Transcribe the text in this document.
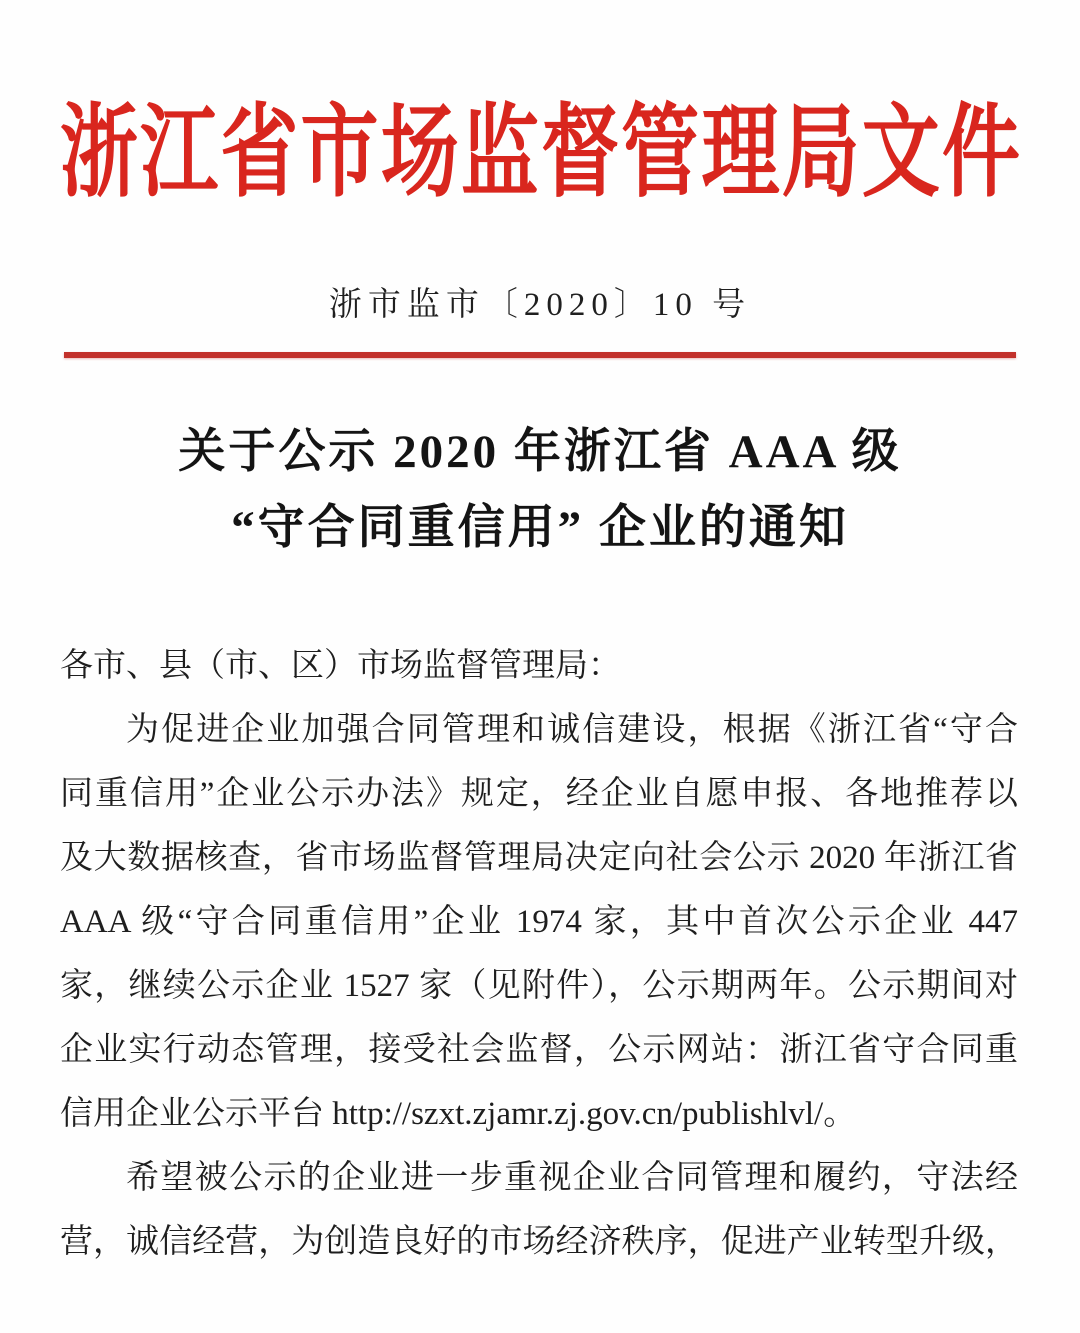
浙江省市场监督管理局文件
浙市监市〔2020〕10 号
关于公示 2020 年浙江省 AAA 级
“守合同重信用” 企业的通知
各市、县（市、区）市场监督管理局：
为促进企业加强合同管理和诚信建设，根据《浙江省“守合
同重信用”企业公示办法》规定，经企业自愿申报、各地推荐以
及大数据核查，省市场监督管理局决定向社会公示 2020 年浙江省
AAA 级“守合同重信用”企业 1974 家，其中首次公示企业 447
家，继续公示企业 1527 家（见附件），公示期两年。公示期间对
企业实行动态管理，接受社会监督，公示网站：浙江省守合同重
信用企业公示平台 http://szxt.zjamr.zj.gov.cn/publishlvl/。
希望被公示的企业进一步重视企业合同管理和履约，守法经
营，诚信经营，为创造良好的市场经济秩序，促进产业转型升级，
